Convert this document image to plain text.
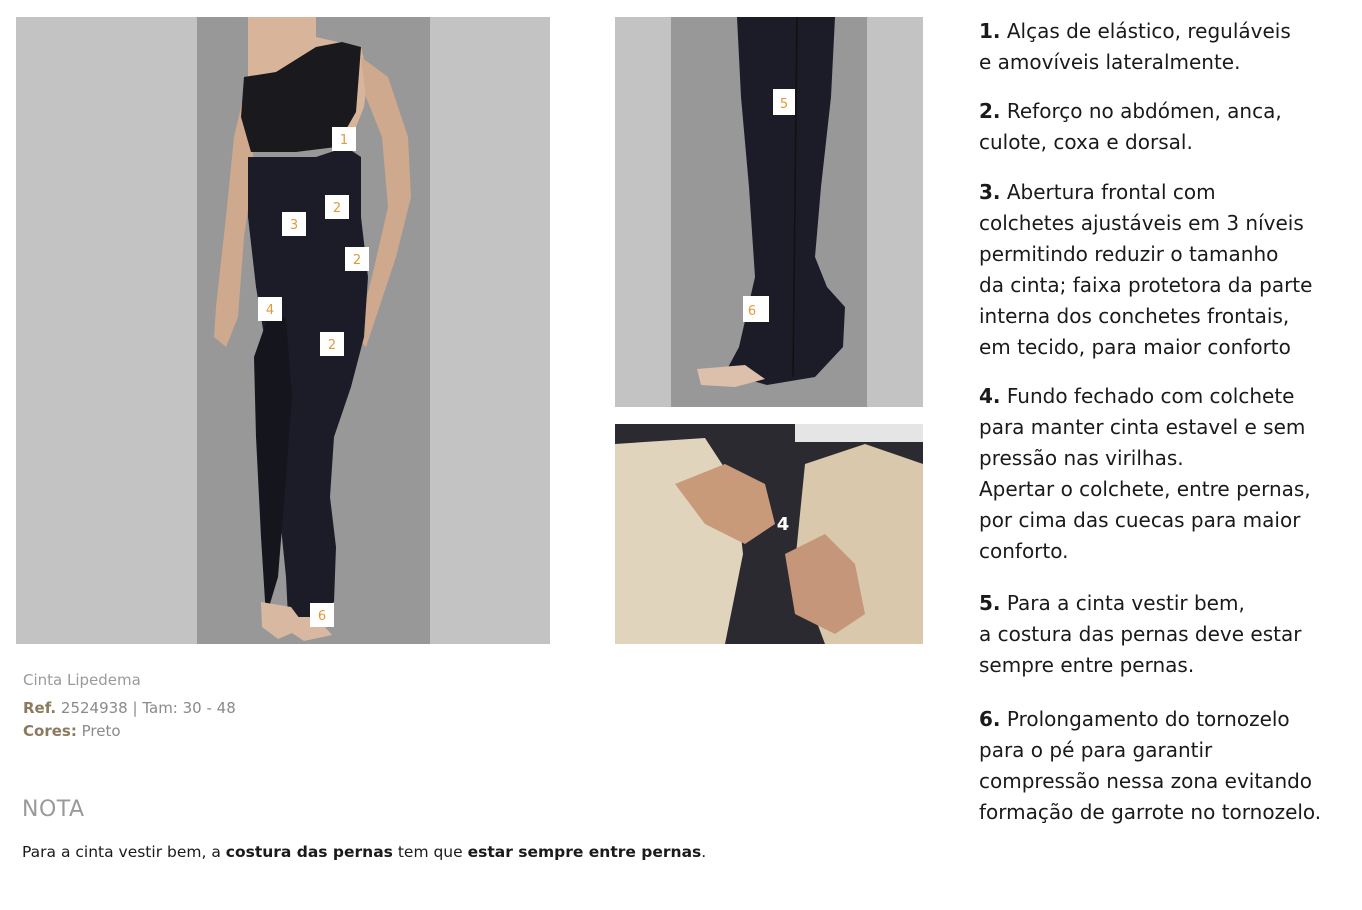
1
2
3
2
4
2
6
5
6
4
Cinta Lipedema
Ref. 2524938 | Tam: 30 - 48
Cores: Preto
NOTA
Para a cinta vestir bem, a costura das pernas tem que estar sempre entre pernas.

1. Alças de elástico, reguláveis
e amovíveis lateralmente.

2. Reforço no abdómen, anca,
culote, coxa e dorsal.

3. Abertura frontal com
colchetes ajustáveis em 3 níveis
permitindo reduzir o tamanho
da cinta; faixa protetora da parte
interna dos conchetes frontais,
em tecido, para maior conforto

4. Fundo fechado com colchete
para manter cinta estavel e sem
pressão nas virilhas.
Apertar o colchete, entre pernas,
por cima das cuecas para maior
conforto.

5. Para a cinta vestir bem,
a costura das pernas deve estar
sempre entre pernas.

6. Prolongamento do tornozelo
para o pé para garantir
compressão nessa zona evitando
formação de garrote no tornozelo.
